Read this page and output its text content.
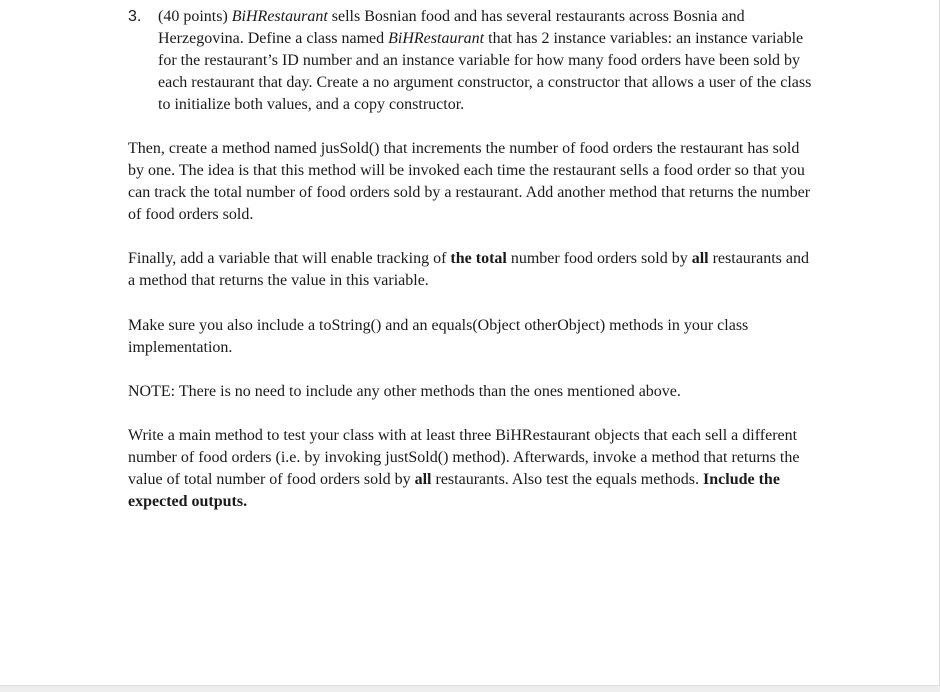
3. (40 points) BiHRestaurant sells Bosnian food and has several restaurants across Bosnia and
Herzegovina. Define a class named BiHRestaurant that has 2 instance variables: an instance variable
for the restaurant’s ID number and an instance variable for how many food orders have been sold by
each restaurant that day. Create a no argument constructor, a constructor that allows a user of the class
to initialize both values, and a copy constructor.

Then, create a method named jusSold() that increments the number of food orders the restaurant has sold
by one. The idea is that this method will be invoked each time the restaurant sells a food order so that you
can track the total number of food orders sold by a restaurant. Add another method that returns the number
of food orders sold.

Finally, add a variable that will enable tracking of the total number food orders sold by all restaurants and
a method that returns the value in this variable.

Make sure you also include a toString() and an equals(Object otherObject) methods in your class
implementation.

NOTE: There is no need to include any other methods than the ones mentioned above.

Write a main method to test your class with at least three BiHRestaurant objects that each sell a different
number of food orders (i.e. by invoking justSold() method). Afterwards, invoke a method that returns the
value of total number of food orders sold by all restaurants. Also test the equals methods. Include the
expected outputs.
